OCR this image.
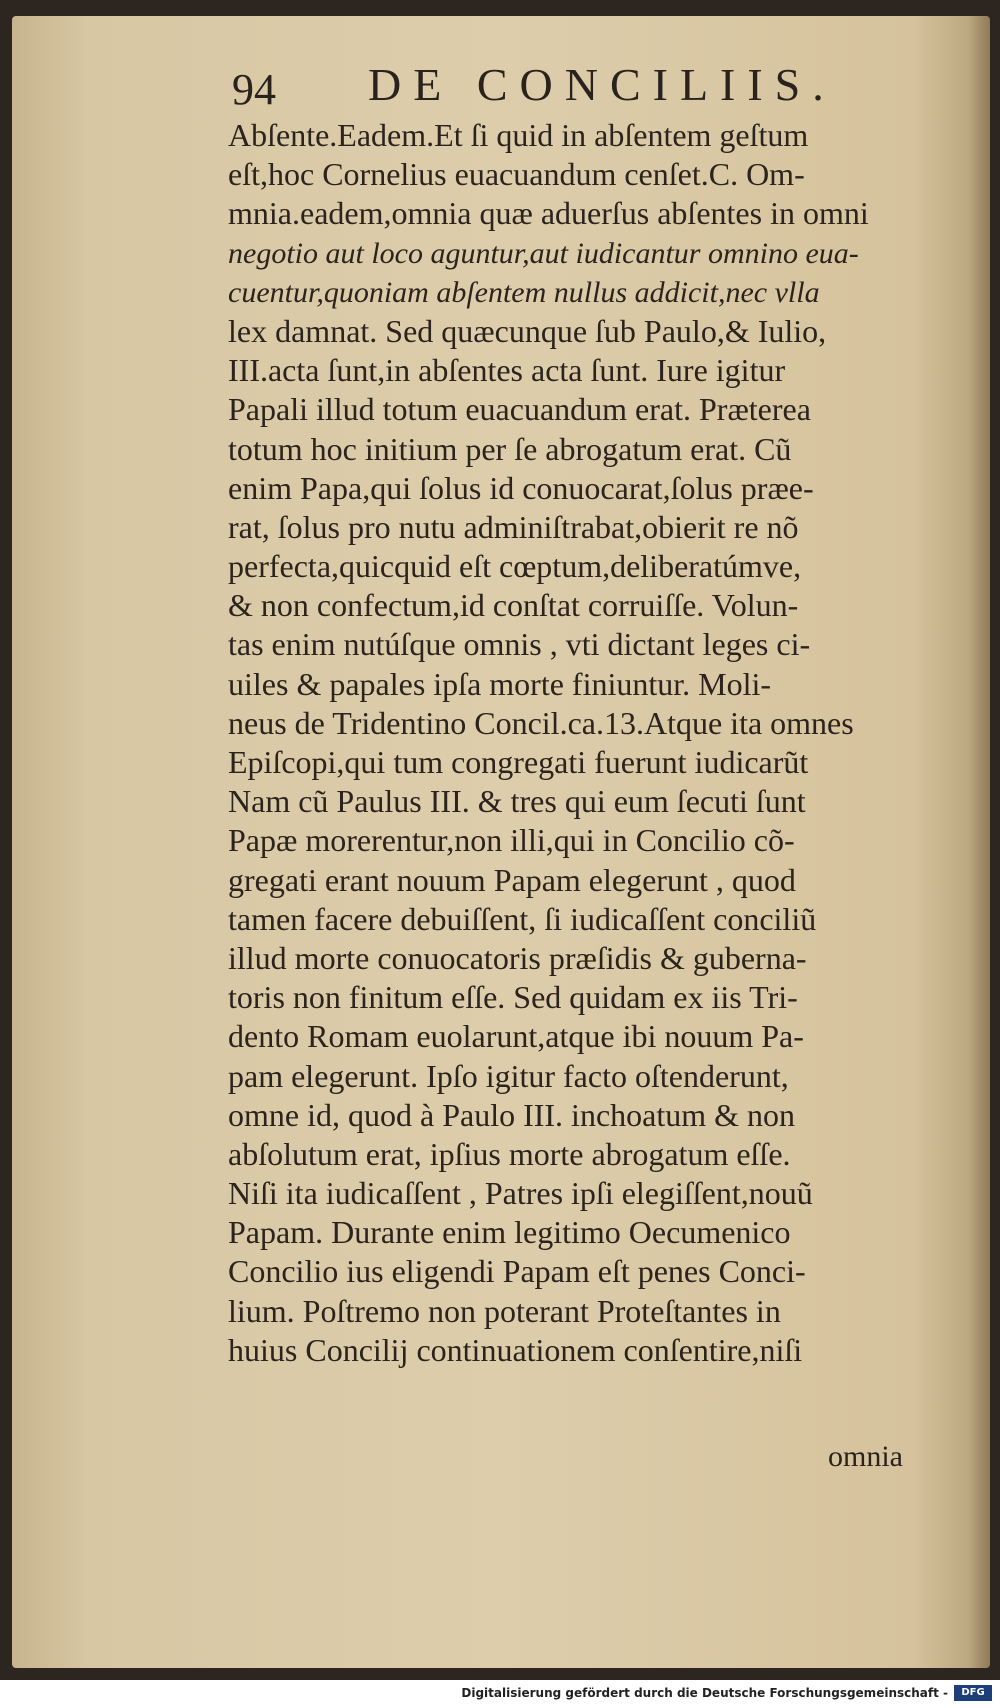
94 DE CONCILIIS.
Abſente.Eadem.Et ſi quid in abſentem geſtum
eſt,hoc Cornelius euacuandum cenſet.C. Om-
mnia.eadem,omnia quæ aduerſus abſentes in omni
negotio aut loco aguntur,aut iudicantur omnino eua-
cuentur,quoniam abſentem nullus addicit,nec vlla
lex damnat. Sed quæcunque ſub Paulo,& Iulio,
III.acta ſunt,in abſentes acta ſunt. Iure igitur
Papali illud totum euacuandum erat. Præterea
totum hoc initium per ſe abrogatum erat. Cũ
enim Papa,qui ſolus id conuocarat,ſolus præe-
rat, ſolus pro nutu adminiſtrabat,obierit re nõ
perfecta,quicquid eſt cœptum,deliberatúmve,
& non confectum,id conſtat corruiſſe. Volun-
tas enim nutúſque omnis , vti dictant leges ci-
uiles & papales ipſa morte finiuntur. Moli-
neus de Tridentino Concil.ca.13.Atque ita omnes
Epiſcopi,qui tum congregati fuerunt iudicarũt
Nam cũ Paulus III. & tres qui eum ſecuti ſunt
Papæ morerentur,non illi,qui in Concilio cõ-
gregati erant nouum Papam elegerunt , quod
tamen facere debuiſſent, ſi iudicaſſent conciliũ
illud morte conuocatoris præſidis & guberna-
toris non finitum eſſe. Sed quidam ex iis Tri-
dento Romam euolarunt,atque ibi nouum Pa-
pam elegerunt. Ipſo igitur facto oſtenderunt,
omne id, quod à Paulo III. inchoatum & non
abſolutum erat, ipſius morte abrogatum eſſe.
Niſi ita iudicaſſent , Patres ipſi elegiſſent,nouũ
Papam. Durante enim legitimo Oecumenico
Concilio ius eligendi Papam eſt penes Conci-
lium. Poſtremo non poterant Proteſtantes in
huius Concilij continuationem conſentire,niſi
omnia
Digitalisierung gefördert durch die Deutsche Forschungsgemeinschaft -	DFG
